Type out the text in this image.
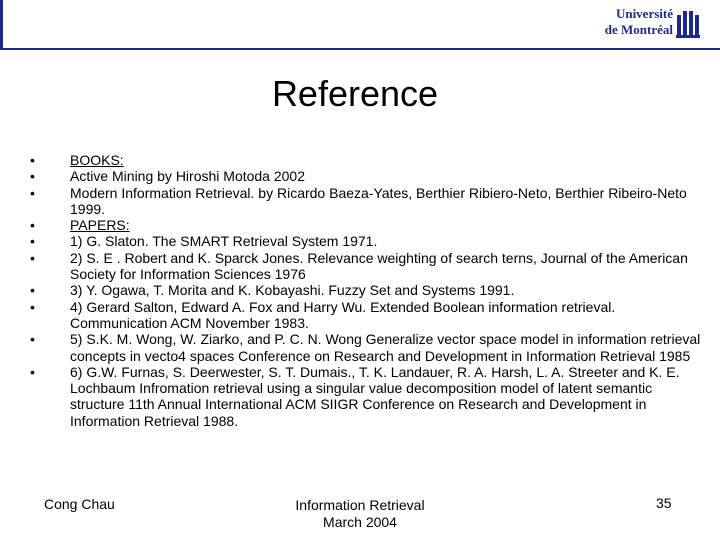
Université
de Montréal
Reference
•	BOOKS:
•	Active Mining by Hiroshi Motoda 2002
•	Modern Information Retrieval. by Ricardo Baeza-Yates, Berthier Ribiero-Neto, Berthier Ribeiro-Neto 1999.
•	PAPERS:
•	1) G. Slaton. The SMART Retrieval System 1971.
•	2) S. E . Robert and K. Sparck Jones. Relevance weighting of search terns, Journal of the American Society for Information Sciences 1976
•	3) Y. Ogawa, T. Morita and K. Kobayashi. Fuzzy Set and Systems 1991.
•	4) Gerard Salton, Edward A. Fox and Harry Wu. Extended Boolean information retrieval. Communication ACM November 1983.
•	5) S.K. M. Wong, W. Ziarko, and P. C. N. Wong Generalize vector space model in information retrieval concepts in vecto4 spaces Conference on Research and Development in Information Retrieval 1985
•	6) G.W. Furnas, S. Deerwester, S. T. Dumais., T. K. Landauer, R. A. Harsh, L. A. Streeter and K. E. Lochbaum Infromation retrieval using a singular value decomposition model of latent semantic structure 11th Annual International ACM SIIGR Conference on Research and Development in Information Retrieval 1988.
Cong Chau	Information Retrieval
March 2004
35
